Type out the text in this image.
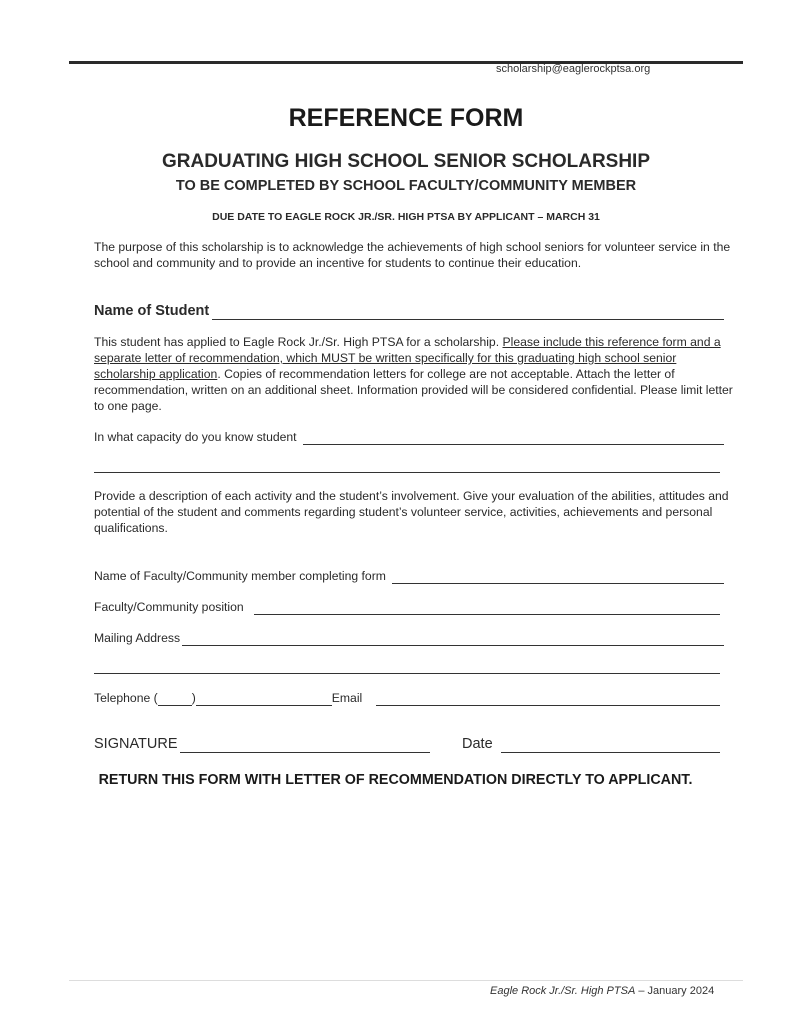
scholarship@eaglerockptsa.org
REFERENCE FORM
GRADUATING HIGH SCHOOL SENIOR SCHOLARSHIP
TO BE COMPLETED BY SCHOOL FACULTY/COMMUNITY MEMBER
DUE DATE TO EAGLE ROCK JR./SR. HIGH PTSA BY APPLICANT – MARCH 31
The purpose of this scholarship is to acknowledge the achievements of high school seniors for volunteer service in the school and community and to provide an incentive for students to continue their education.
Name of Student
This student has applied to Eagle Rock Jr./Sr. High PTSA for a scholarship. Please include this reference form and a separate letter of recommendation, which MUST be written specifically for this graduating high school senior scholarship application. Copies of recommendation letters for college are not acceptable. Attach the letter of recommendation, written on an additional sheet. Information provided will be considered confidential. Please limit letter to one page.
In what capacity do you know student
Provide a description of each activity and the student’s involvement. Give your evaluation of the abilities, attitudes and potential of the student and comments regarding student’s volunteer service, activities, achievements and personal qualifications.
Name of Faculty/Community member completing form
Faculty/Community position
Mailing Address
Telephone (	)	Email
SIGNATURE	Date
RETURN THIS FORM WITH LETTER OF RECOMMENDATION DIRECTLY TO APPLICANT.
Eagle Rock Jr./Sr. High PTSA – January 2024
